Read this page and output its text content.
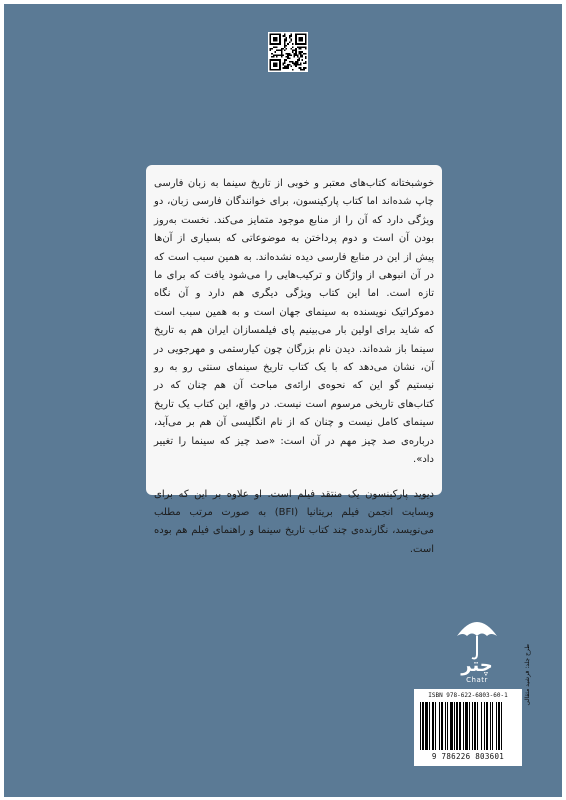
خوشبختانه کتاب‌های معتبر و خوبی از تاریخ سینما به زبان فارسی چاپ شده‌اند اما کتاب پارکینسون، برای خوانندگان فارسی زبان، دو ویژگی دارد که آن را از منابع موجود متمایز می‌کند. نخست به‌روز بودن آن است و دوم پرداختن به موضوعاتی که بسیاری از آن‌ها پیش از این در منابع فارسی دیده نشده‌اند. به همین سبب است که در آن انبوهی از واژگان و ترکیب‌هایی را می‌شود یافت که برای ما تازه است. اما این کتاب ویژگی دیگری هم دارد و آن نگاه دموکراتیک نویسنده به سینمای جهان است و به همین سبب است که شاید برای اولین بار می‌بینیم پای فیلمسازان ایران هم به تاریخ سینما باز شده‌اند. دیدن نام بزرگان چون کیارستمی و مهرجویی در آن، نشان می‌دهد که با یک کتاب تاریخ سینمای سنتی رو به رو نیستیم گو این که نحوه‌ی ارائه‌ی مباحث آن هم چنان که در کتاب‌های تاریخی مرسوم است نیست. در واقع، این کتاب یک تاریخ سینمای کامل نیست و چنان که از نام انگلیسی آن هم بر می‌آید، درباره‌ی صد چیز مهم در آن است: «صد چیز که سینما را تغییر داد».

دیوید پارکینسون یک منتقد فیلم است. او علاوه بر این که برای وبسایت انجمن فیلم بریتانیا (BFI) به صورت مرتب مطلب می‌نویسد، نگارنده‌ی چند کتاب تاریخ سینما و راهنمای فیلم هم بوده است.

چتر
Chatr	طرح جلد: فرشید مثقالی
ISBN 978-622-6803-60-1
9 786226 803601
